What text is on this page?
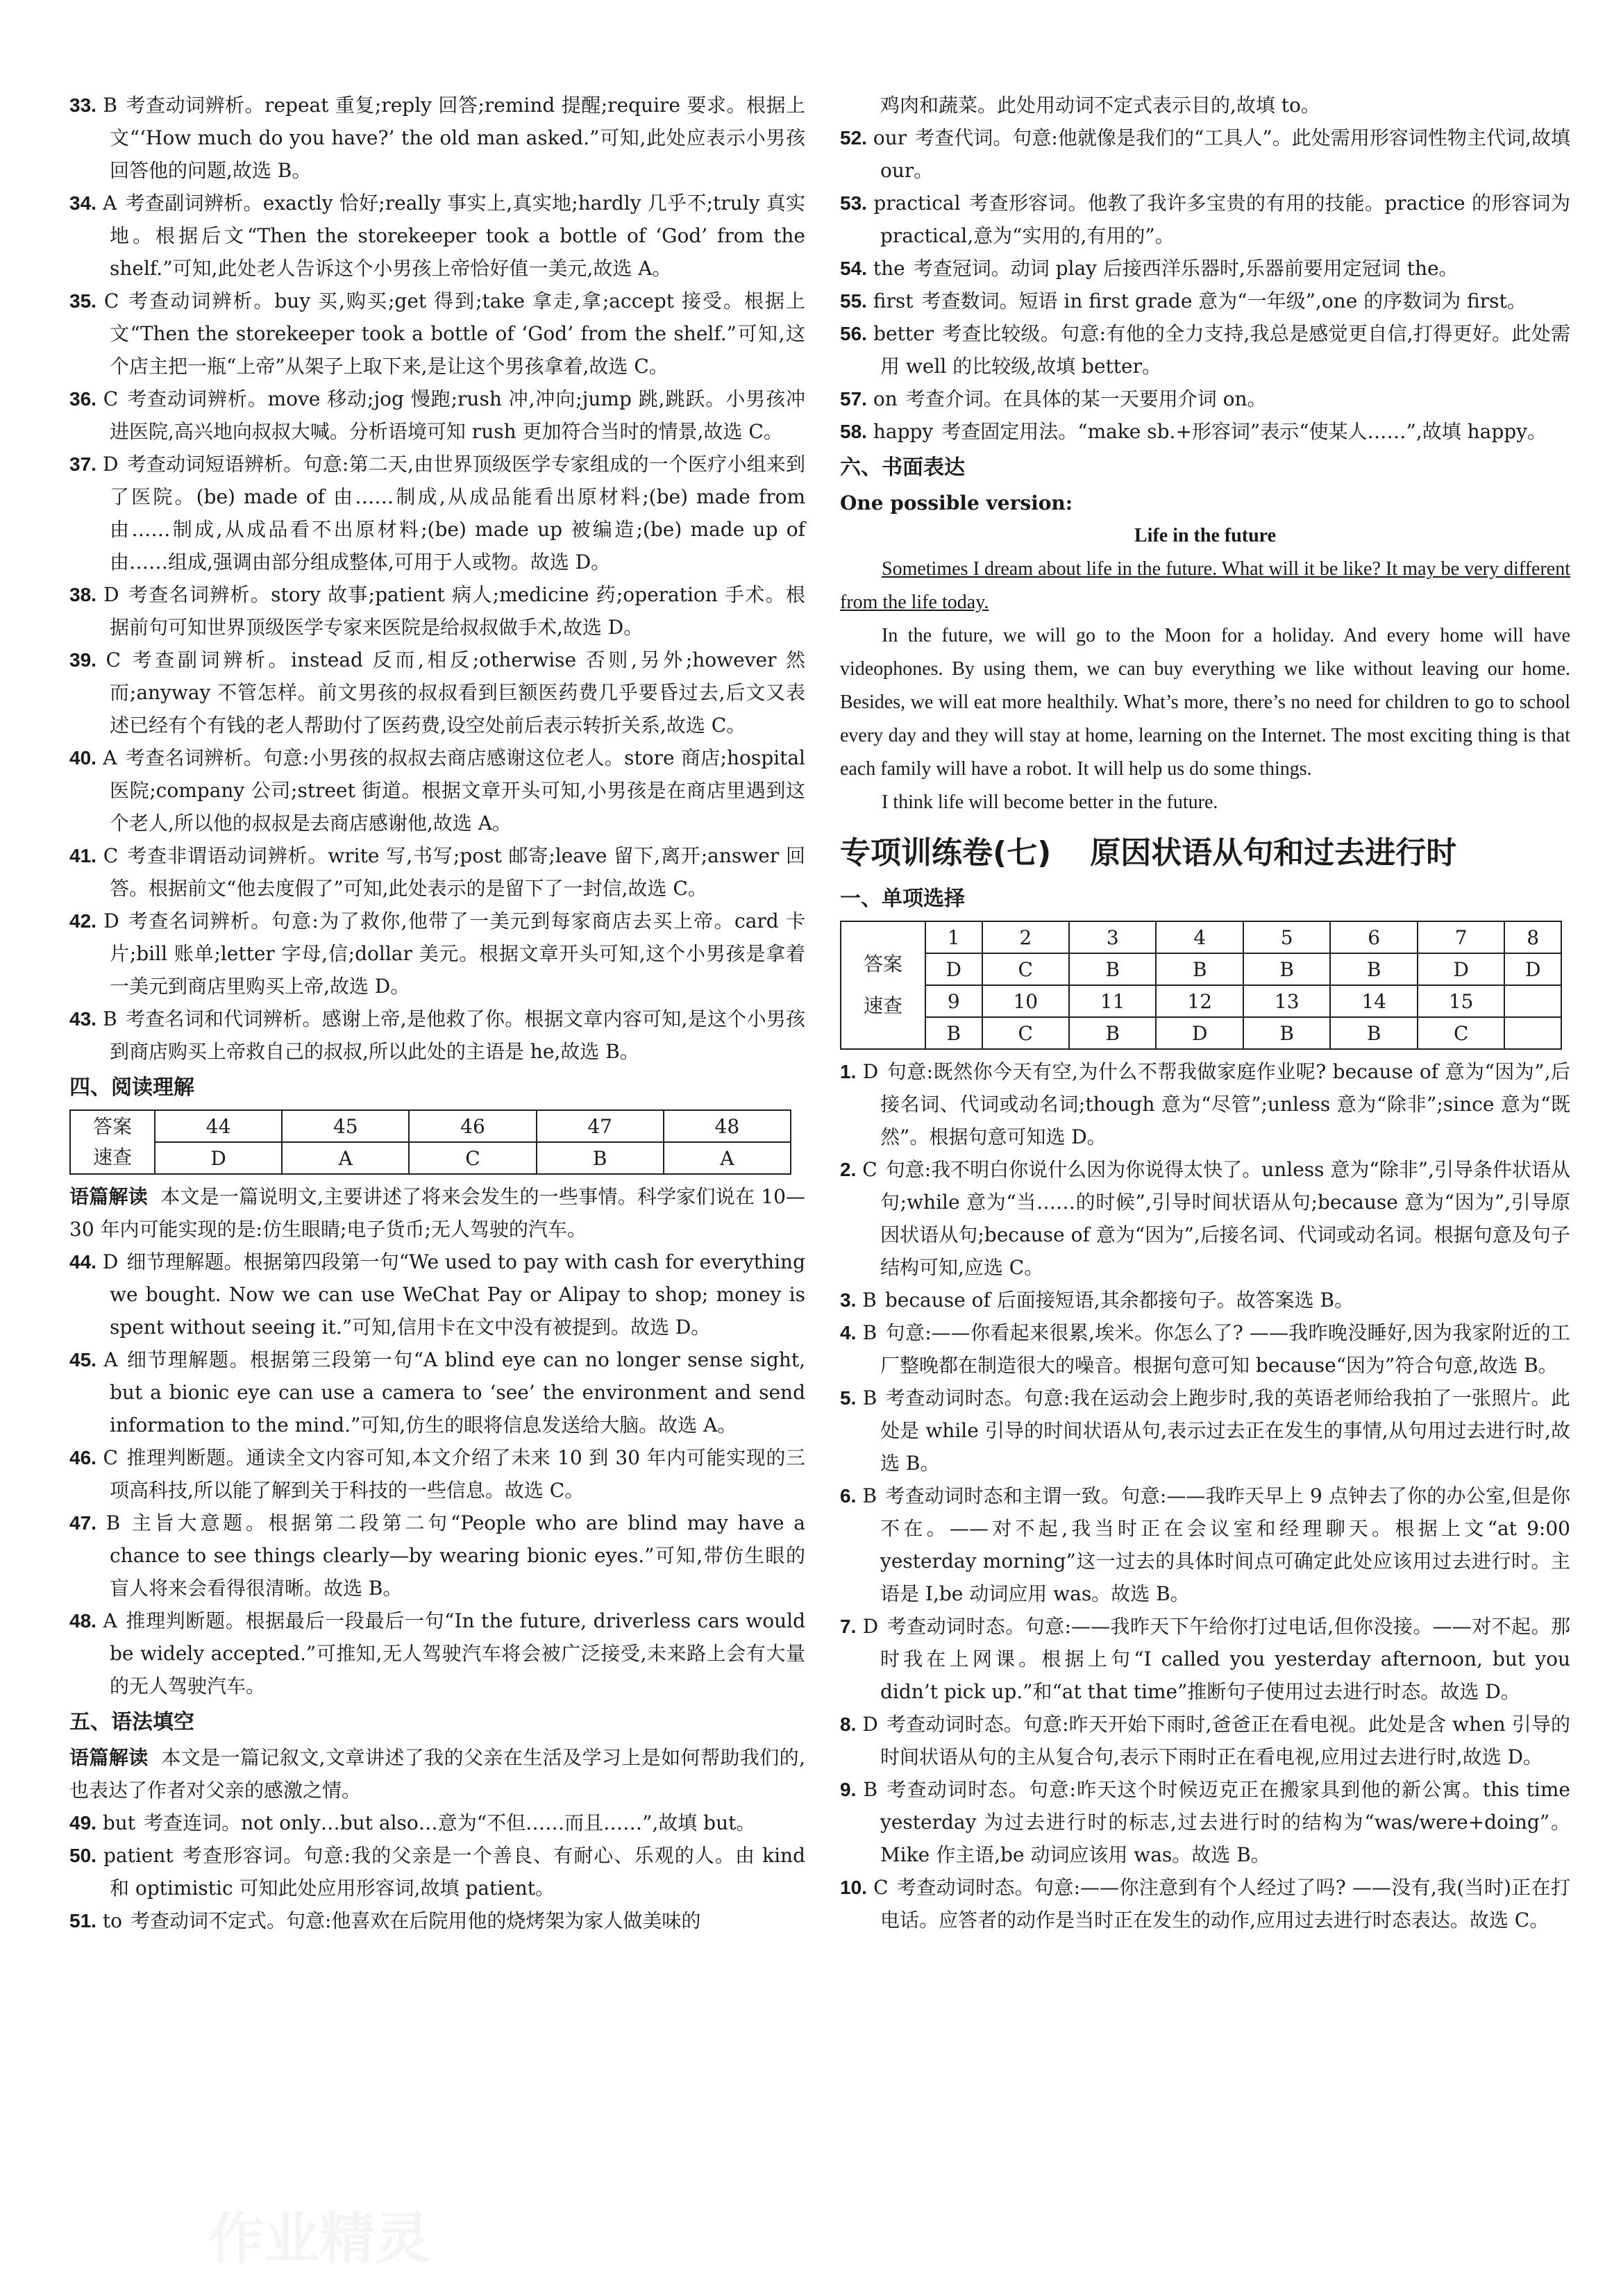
33. B 考查动词辨析。repeat 重复;reply 回答;remind 提醒;require 要求。根据上文“‘How much do you have?’ the old man asked.”可知,此处应表示小男孩回答他的问题,故选 B。

34. A 考查副词辨析。exactly 恰好;really 事实上,真实地;hardly 几乎不;truly 真实地。根据后文“Then the storekeeper took a bottle of ‘God’ from the shelf.”可知,此处老人告诉这个小男孩上帝恰好值一美元,故选 A。

35. C 考查动词辨析。buy 买,购买;get 得到;take 拿走,拿;accept 接受。根据上文“Then the storekeeper took a bottle of ‘God’ from the shelf.”可知,这个店主把一瓶“上帝”从架子上取下来,是让这个男孩拿着,故选 C。

36. C 考查动词辨析。move 移动;jog 慢跑;rush 冲,冲向;jump 跳,跳跃。小男孩冲进医院,高兴地向叔叔大喊。分析语境可知 rush 更加符合当时的情景,故选 C。

37. D 考查动词短语辨析。句意:第二天,由世界顶级医学专家组成的一个医疗小组来到了医院。(be) made of 由……制成,从成品能看出原材料;(be) made from 由……制成,从成品看不出原材料;(be) made up 被编造;(be) made up of 由……组成,强调由部分组成整体,可用于人或物。故选 D。

38. D 考查名词辨析。story 故事;patient 病人;medicine 药;operation 手术。根据前句可知世界顶级医学专家来医院是给叔叔做手术,故选 D。

39. C 考查副词辨析。instead 反而,相反;otherwise 否则,另外;however 然而;anyway 不管怎样。前文男孩的叔叔看到巨额医药费几乎要昏过去,后文又表述已经有个有钱的老人帮助付了医药费,设空处前后表示转折关系,故选 C。

40. A 考查名词辨析。句意:小男孩的叔叔去商店感谢这位老人。store 商店;hospital 医院;company 公司;street 街道。根据文章开头可知,小男孩是在商店里遇到这个老人,所以他的叔叔是去商店感谢他,故选 A。

41. C 考查非谓语动词辨析。write 写,书写;post 邮寄;leave 留下,离开;answer 回答。根据前文“他去度假了”可知,此处表示的是留下了一封信,故选 C。

42. D 考查名词辨析。句意:为了救你,他带了一美元到每家商店去买上帝。card 卡片;bill 账单;letter 字母,信;dollar 美元。根据文章开头可知,这个小男孩是拿着一美元到商店里购买上帝,故选 D。

43. B 考查名词和代词辨析。感谢上帝,是他救了你。根据文章内容可知,是这个小男孩到商店购买上帝救自己的叔叔,所以此处的主语是 he,故选 B。

四、阅读理解
答案
速查	44	45	46	47	48
	D	A	C	B	A

语篇解读 本文是一篇说明文,主要讲述了将来会发生的一些事情。科学家们说在 10—30 年内可能实现的是:仿生眼睛;电子货币;无人驾驶的汽车。

44. D 细节理解题。根据第四段第一句“We used to pay with cash for everything we bought. Now we can use WeChat Pay or Alipay to shop; money is spent without seeing it.”可知,信用卡在文中没有被提到。故选 D。

45. A 细节理解题。根据第三段第一句“A blind eye can no longer sense sight, but a bionic eye can use a camera to ‘see’ the environment and send information to the mind.”可知,仿生的眼将信息发送给大脑。故选 A。

46. C 推理判断题。通读全文内容可知,本文介绍了未来 10 到 30 年内可能实现的三项高科技,所以能了解到关于科技的一些信息。故选 C。

47. B 主旨大意题。根据第二段第二句“People who are blind may have a chance to see things clearly—by wearing bionic eyes.”可知,带仿生眼的盲人将来会看得很清晰。故选 B。

48. A 推理判断题。根据最后一段最后一句“In the future, driverless cars would be widely accepted.”可推知,无人驾驶汽车将会被广泛接受,未来路上会有大量的无人驾驶汽车。

五、语法填空

语篇解读 本文是一篇记叙文,文章讲述了我的父亲在生活及学习上是如何帮助我们的,也表达了作者对父亲的感激之情。

49. but 考查连词。not only…but also…意为“不但……而且……”,故填 but。

50. patient 考查形容词。句意:我的父亲是一个善良、有耐心、乐观的人。由 kind 和 optimistic 可知此处应用形容词,故填 patient。

51. to 考查动词不定式。句意:他喜欢在后院用他的烧烤架为家人做美味的

鸡肉和蔬菜。此处用动词不定式表示目的,故填 to。

52. our 考查代词。句意:他就像是我们的“工具人”。此处需用形容词性物主代词,故填 our。

53. practical 考查形容词。他教了我许多宝贵的有用的技能。practice 的形容词为 practical,意为“实用的,有用的”。

54. the 考查冠词。动词 play 后接西洋乐器时,乐器前要用定冠词 the。

55. first 考查数词。短语 in first grade 意为“一年级”,one 的序数词为 first。

56. better 考查比较级。句意:有他的全力支持,我总是感觉更自信,打得更好。此处需用 well 的比较级,故填 better。

57. on 考查介词。在具体的某一天要用介词 on。

58. happy 考查固定用法。“make sb.+形容词”表示“使某人……”,故填 happy。

六、书面表达

One possible version:

Life in the future

Sometimes I dream about life in the future. What will it be like? It may be very different from the life today.

In the future, we will go to the Moon for a holiday. And every home will have videophones. By using them, we can buy everything we like without leaving our home. Besides, we will eat more healthily. What’s more, there’s no need for children to go to school every day and they will stay at home, learning on the Internet. The most exciting thing is that each family will have a robot. It will help us do some things.

I think life will become better in the future.

专项训练卷(七) 原因状语从句和过去进行时
一、单项选择
答案
速查	1	2	3	4	5	6	7	8
	D	C	B	B	B	B	D	D
	9	10	11	12	13	14	15	
	B	C	B	D	B	B	C	

1. D 句意:既然你今天有空,为什么不帮我做家庭作业呢? because of 意为“因为”,后接名词、代词或动名词;though 意为“尽管”;unless 意为“除非”;since 意为“既然”。根据句意可知选 D。

2. C 句意:我不明白你说什么因为你说得太快了。unless 意为“除非”,引导条件状语从句;while 意为“当……的时候”,引导时间状语从句;because 意为“因为”,引导原因状语从句;because of 意为“因为”,后接名词、代词或动名词。根据句意及句子结构可知,应选 C。

3. B because of 后面接短语,其余都接句子。故答案选 B。

4. B 句意:——你看起来很累,埃米。你怎么了? ——我昨晚没睡好,因为我家附近的工厂整晚都在制造很大的噪音。根据句意可知 because“因为”符合句意,故选 B。

5. B 考查动词时态。句意:我在运动会上跑步时,我的英语老师给我拍了一张照片。此处是 while 引导的时间状语从句,表示过去正在发生的事情,从句用过去进行时,故选 B。

6. B 考查动词时态和主谓一致。句意:——我昨天早上 9 点钟去了你的办公室,但是你不在。——对不起,我当时正在会议室和经理聊天。根据上文“at 9:00 yesterday morning”这一过去的具体时间点可确定此处应该用过去进行时。主语是 I,be 动词应用 was。故选 B。

7. D 考查动词时态。句意:——我昨天下午给你打过电话,但你没接。——对不起。那时我在上网课。根据上句“I called you yesterday afternoon, but you didn’t pick up.”和“at that time”推断句子使用过去进行时态。故选 D。

8. D 考查动词时态。句意:昨天开始下雨时,爸爸正在看电视。此处是含 when 引导的时间状语从句的主从复合句,表示下雨时正在看电视,应用过去进行时,故选 D。

9. B 考查动词时态。句意:昨天这个时候迈克正在搬家具到他的新公寓。this time yesterday 为过去进行时的标志,过去进行时的结构为“was/were+doing”。Mike 作主语,be 动词应该用 was。故选 B。

10. C 考查动词时态。句意:——你注意到有个人经过了吗? ——没有,我(当时)正在打电话。应答者的动作是当时正在发生的动作,应用过去进行时态表达。故选 C。

作业精灵
